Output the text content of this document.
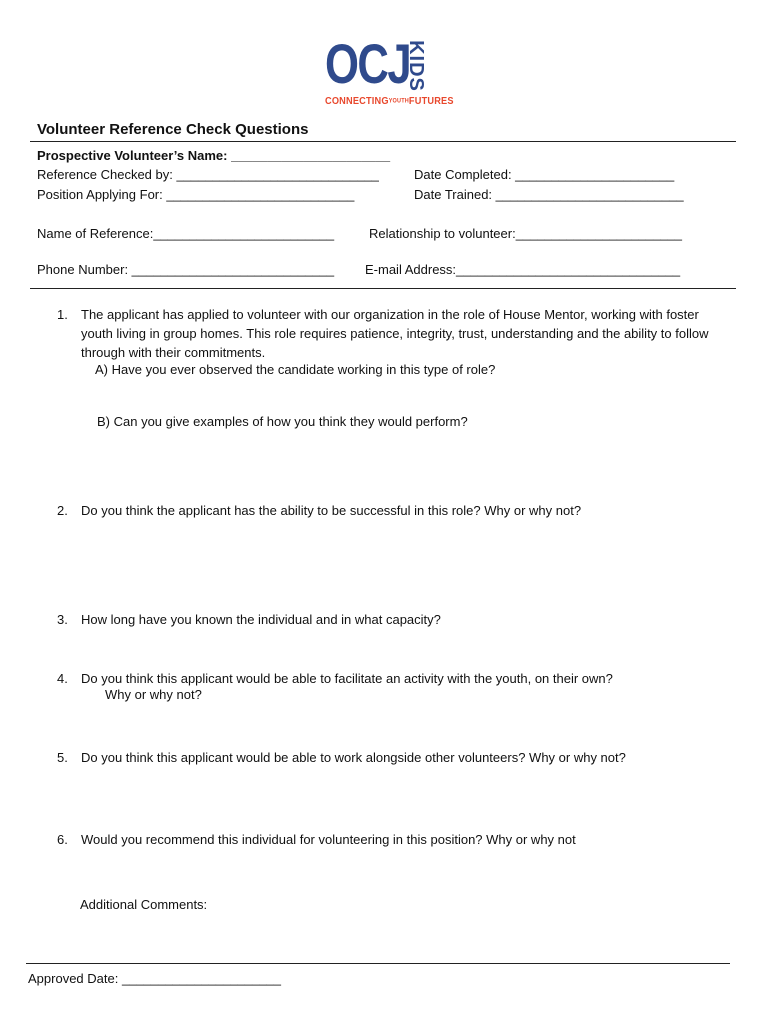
OCJ
KIDS
CONNECTINGYOUTHFUTURES
Volunteer Reference Check Questions
Prospective Volunteer’s Name: ______________________
Reference Checked by: ____________________________	Date Completed: ______________________
Position Applying For: __________________________	Date Trained: __________________________
Name of Reference:_________________________	Relationship to volunteer:_______________________
Phone Number: ____________________________ E-mail Address:_______________________________
1. The applicant has applied to volunteer with our organization in the role of House Mentor, working with foster youth living in group homes. This role requires patience, integrity, trust, understanding and the ability to follow through with their commitments.
A) Have you ever observed the candidate working in this type of role?
B) Can you give examples of how you think they would perform?
2. Do you think the applicant has the ability to be successful in this role? Why or why not?
3. How long have you known the individual and in what capacity?
4. Do you think this applicant would be able to facilitate an activity with the youth, on their own?
Why or why not?
5. Do you think this applicant would be able to work alongside other volunteers? Why or why not?
6. Would you recommend this individual for volunteering in this position? Why or why not
Additional Comments:
Approved Date: ______________________
